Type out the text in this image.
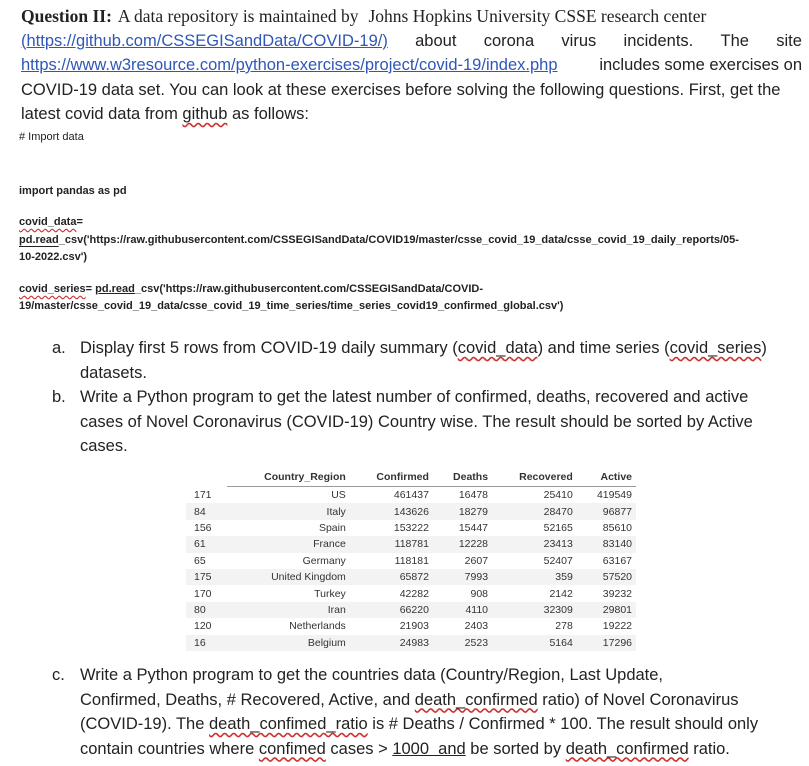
Question II: A data repository is maintained by Johns Hopkins University CSSE research center
(https://github.com/CSSEGISandData/COVID-19/) about corona virus incidents. The site
https://www.w3resource.com/python-exercises/project/covid-19/index.php	includes some exercises on
COVID-19 data set. You can look at these exercises before solving the following questions. First, get the
latest covid data from github as follows:
# Import data
import pandas as pd
covid_data=
pd.read_csv('https://raw.githubusercontent.com/CSSEGISandData/COVID19/master/csse_covid_19_data/csse_covid_19_daily_reports/05-
10-2022.csv')
covid_series= pd.read_csv('https://raw.githubusercontent.com/CSSEGISandData/COVID-
19/master/csse_covid_19_data/csse_covid_19_time_series/time_series_covid19_confirmed_global.csv')
a. Display first 5 rows from COVID-19 daily summary (covid_data) and time series (covid_series)
datasets.
b. Write a Python program to get the latest number of confirmed, deaths, recovered and active
cases of Novel Coronavirus (COVID-19) Country wise. The result should be sorted by Active
cases.
	Country_Region	Confirmed	Deaths	Recovered	Active
171	US	461437	16478	25410	419549
84	Italy	143626	18279	28470	96877
156	Spain	153222	15447	52165	85610
61	France	118781	12228	23413	83140
65	Germany	118181	2607	52407	63167
175	United Kingdom	65872	7993	359	57520
170	Turkey	42282	908	2142	39232
80	Iran	66220	4110	32309	29801
120	Netherlands	21903	2403	278	19222
16	Belgium	24983	2523	5164	17296
c. Write a Python program to get the countries data (Country/Region, Last Update,
Confirmed, Deaths, # Recovered, Active, and death_confirmed ratio) of Novel Coronavirus
(COVID-19). The death_confimed_ratio is # Deaths / Confirmed * 100. The result should only
contain countries where confimed cases > 1000  and be sorted by death_confirmed ratio.
